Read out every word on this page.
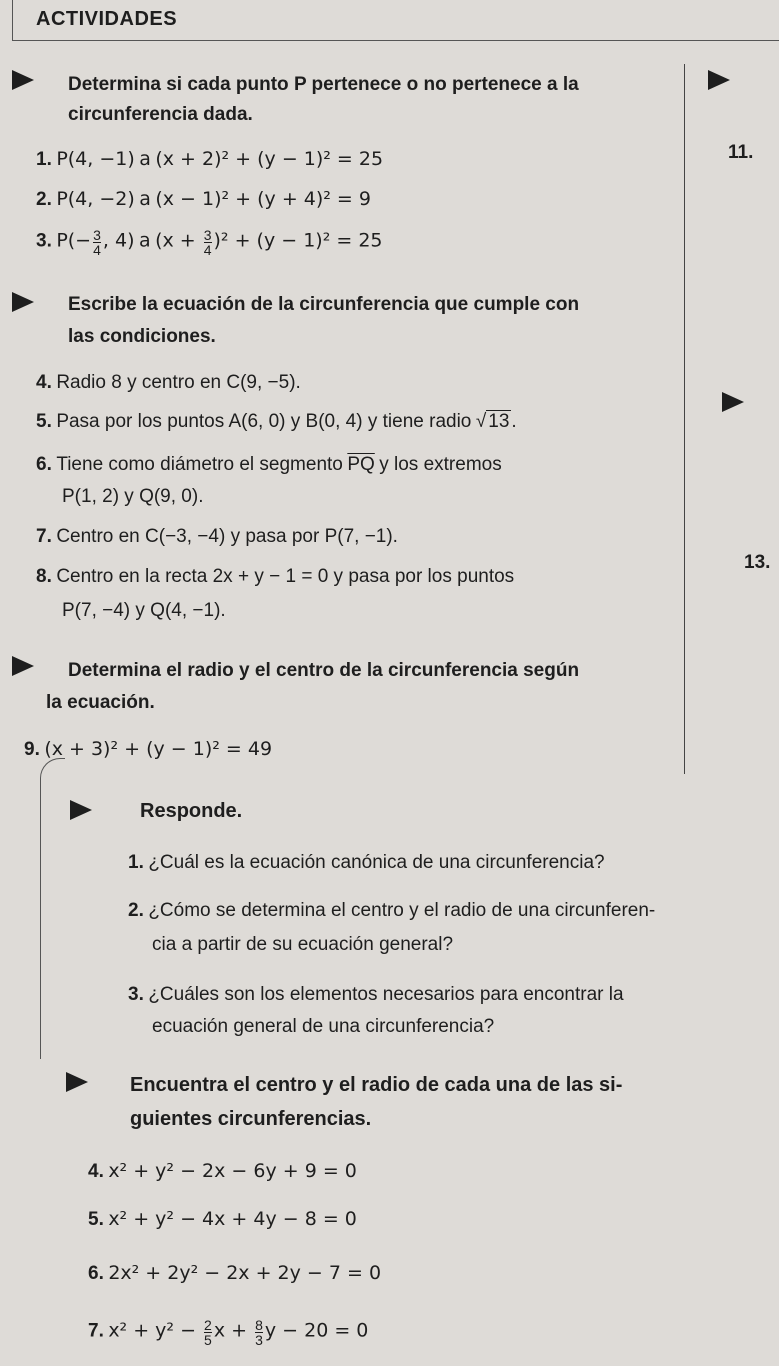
ACTIVIDADES
11.
13.
Determina si cada punto P pertenece o no pertenece a la
circunferencia dada.
1. P(4, −1) a (x + 2)² + (y − 1)² = 25
2. P(4, −2) a (x − 1)² + (y + 4)² = 9
3. $P(- \frac{3}{4}$ , 4) a $(x + \frac{3}{4} )^2 + (y - 1)^2 = 25$
Escribe la ecuación de la circunferencia que cumple con
las condiciones.
4. Radio 8 y centro en C(9, −5).
5. Pasa por los puntos A(6, 0) y B(0, 4) y tiene radio √ 13 .
6. Tiene como diámetro el segmento $\overline{PQ}$ y los extremos
P(1, 2) y Q(9, 0).
7. Centro en C(−3, −4) y pasa por P(7, −1).
8. Centro en la recta 2x + y − 1 = 0 y pasa por los puntos
P(7, −4) y Q(4, −1).
Determina el radio y el centro de la circunferencia según
la ecuación.
9. (x + 3)² + (y − 1)² = 49
Responde.
1. ¿Cuál es la ecuación canónica de una circunferencia?
2. ¿Cómo se determina el centro y el radio de una circunferen-
cia a partir de su ecuación general?
3. ¿Cuáles son los elementos necesarios para encontrar la
ecuación general de una circunferencia?
Encuentra el centro y el radio de cada una de las si-
guientes circunferencias.
4. x² + y² − 2x − 6y + 9 = 0
5. x² + y² − 4x + 4y − 8 = 0
6. 2x² + 2y² − 2x + 2y − 7 = 0
7. $x^2 + y^2 - \frac{2}{5}$ $x + \frac{8}{3}$ y − 20 = 0
